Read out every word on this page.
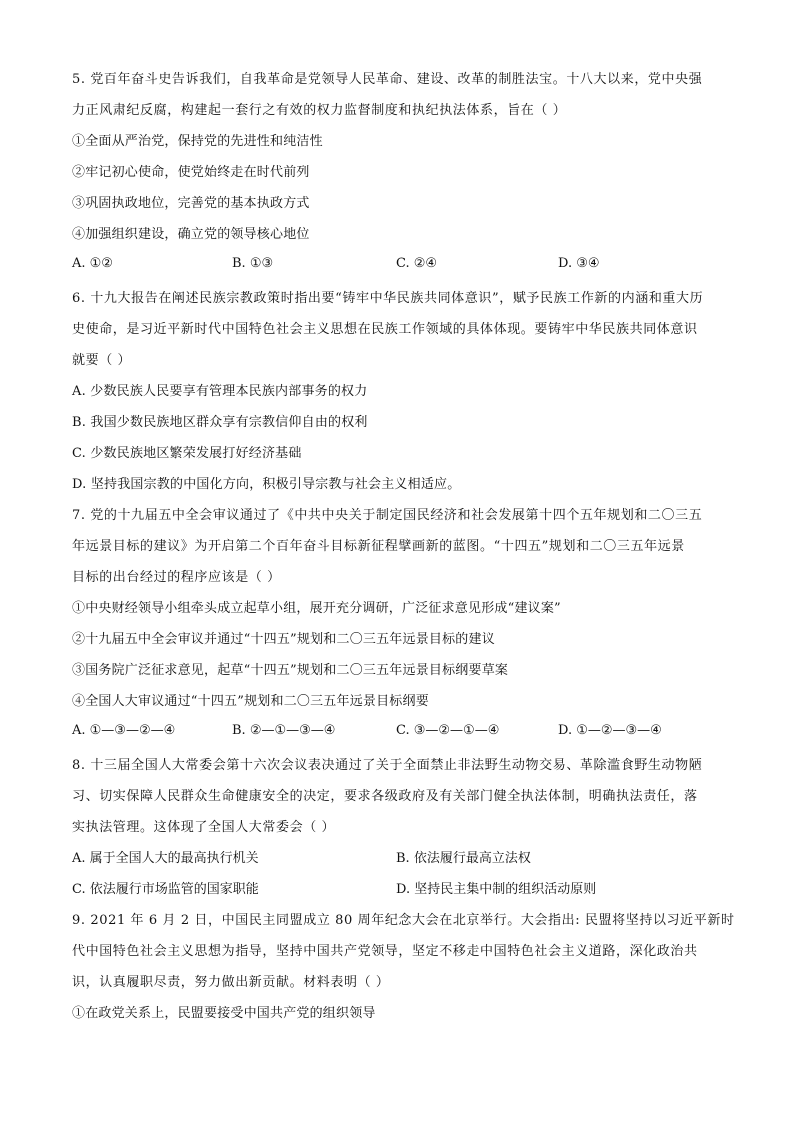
5. 党百年奋斗史告诉我们，自我革命是党领导人民革命、建设、改革的制胜法宝。十八大以来，党中央强
力正风肃纪反腐，构建起一套行之有效的权力监督制度和执纪执法体系，旨在（ ）
①全面从严治党，保持党的先进性和纯洁性
②牢记初心使命，使党始终走在时代前列
③巩固执政地位，完善党的基本执政方式
④加强组织建设，确立党的领导核心地位
A. ①②	B. ①③	C. ②④	D. ③④
6. 十九大报告在阐述民族宗教政策时指出要“铸牢中华民族共同体意识”，赋予民族工作新的内涵和重大历
史使命，是习近平新时代中国特色社会主义思想在民族工作领域的具体体现。要铸牢中华民族共同体意识
就要（ ）
A. 少数民族人民要享有管理本民族内部事务的权力
B. 我国少数民族地区群众享有宗教信仰自由的权利
C. 少数民族地区繁荣发展打好经济基础
D. 坚持我国宗教的中国化方向，积极引导宗教与社会主义相适应。
7. 党的十九届五中全会审议通过了《中共中央关于制定国民经济和社会发展第十四个五年规划和二〇三五
年远景目标的建议》为开启第二个百年奋斗目标新征程擘画新的蓝图。“十四五”规划和二〇三五年远景
目标的出台经过的程序应该是（ ）
①中央财经领导小组牵头成立起草小组，展开充分调研，广泛征求意见形成“建议案”
②十九届五中全会审议并通过“十四五”规划和二〇三五年远景目标的建议
③国务院广泛征求意见，起草“十四五”规划和二〇三五年远景目标纲要草案
④全国人大审议通过“十四五”规划和二〇三五年远景目标纲要
A. ①—③—②—④	B. ②—①—③—④	C. ③—②—①—④	D. ①—②—③—④
8. 十三届全国人大常委会第十六次会议表决通过了关于全面禁止非法野生动物交易、革除滥食野生动物陋
习、切实保障人民群众生命健康安全的决定，要求各级政府及有关部门健全执法体制，明确执法责任，落
实执法管理。这体现了全国人大常委会（ ）
A. 属于全国人大的最高执行机关	B. 依法履行最高立法权
C. 依法履行市场监管的国家职能	D. 坚持民主集中制的组织活动原则
9. 2021 年 6 月 2 日，中国民主同盟成立 80 周年纪念大会在北京举行。大会指出: 民盟将坚持以习近平新时
代中国特色社会主义思想为指导，坚持中国共产党领导，坚定不移走中国特色社会主义道路，深化政治共
识，认真履职尽责，努力做出新贡献。材料表明（ ）
①在政党关系上，民盟要接受中国共产党的组织领导
